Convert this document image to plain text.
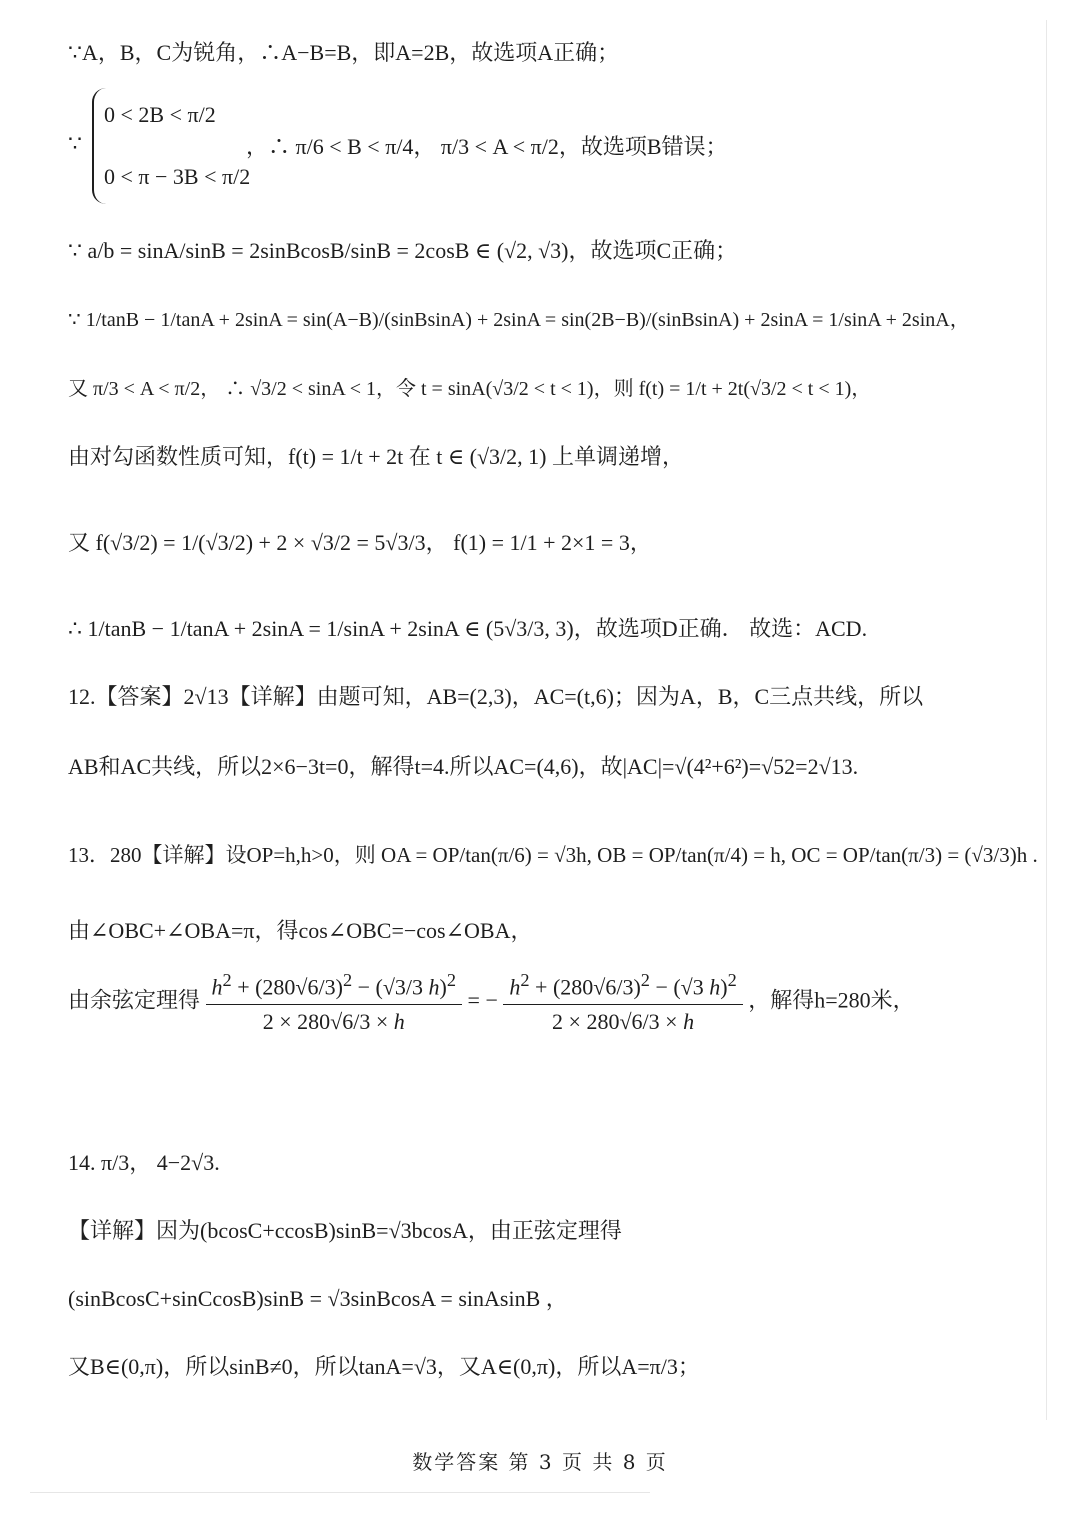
∵A，B，C为锐角，∴A−B=B，即A=2B，故选项A正确；
∵
0 < 2B < π/2
0 < π − 3B < π/2
，∴ π/6 < B < π/4， π/3 < A < π/2，故选项B错误；
∵ a/b = sinA/sinB = 2sinBcosB/sinB = 2cosB ∈ (√2, √3)，故选项C正确；
∵ 1/tanB − 1/tanA + 2sinA = sin(A−B)/(sinBsinA) + 2sinA = sin(2B−B)/(sinBsinA) + 2sinA = 1/sinA + 2sinA，
又 π/3 < A < π/2， ∴ √3/2 < sinA < 1，令 t = sinA(√3/2 < t < 1)，则 f(t) = 1/t + 2t(√3/2 < t < 1)，
由对勾函数性质可知，f(t) = 1/t + 2t 在 t ∈ (√3/2, 1) 上单调递增，
又 f(√3/2) = 1/(√3/2) + 2 × √3/2 = 5√3/3， f(1) = 1/1 + 2×1 = 3，
∴ 1/tanB − 1/tanA + 2sinA = 1/sinA + 2sinA ∈ (5√3/3, 3)，故选项D正确． 故选：ACD.
12.【答案】2√13【详解】由题可知，AB=(2,3)，AC=(t,6)；因为A，B，C三点共线，所以
AB和AC共线，所以2×6−3t=0，解得t=4.所以AC=(4,6)，故|AC|=√(4²+6²)=√52=2√13.
13．280【详解】设OP=h,h>0，则 OA = OP/tan(π/6) = √3h, OB = OP/tan(π/4) = h, OC = OP/tan(π/3) = (√3/3)h .
由∠OBC+∠OBA=π，得cos∠OBC=−cos∠OBA，
由余弦定理得 $\frac{h^2 + (280√6/3)^2 - (√3/3 h)^2}{2 \times 280√6/3 \times h}$ = − $\frac{h^2 + (280√6/3)^2 - (√3 h)^2}{2 \times 280√6/3 \times h}$ ，解得h=280米，
14. π/3， 4−2√3.
【详解】因为(bcosC+ccosB)sinB=√3bcosA，由正弦定理得
(sinBcosC+sinCcosB)sinB = √3sinBcosA = sinAsinB ，
又B∈(0,π)，所以sinB≠0，所以tanA=√3，又A∈(0,π)，所以A=π/3；
数学答案 第 3 页 共 8 页
